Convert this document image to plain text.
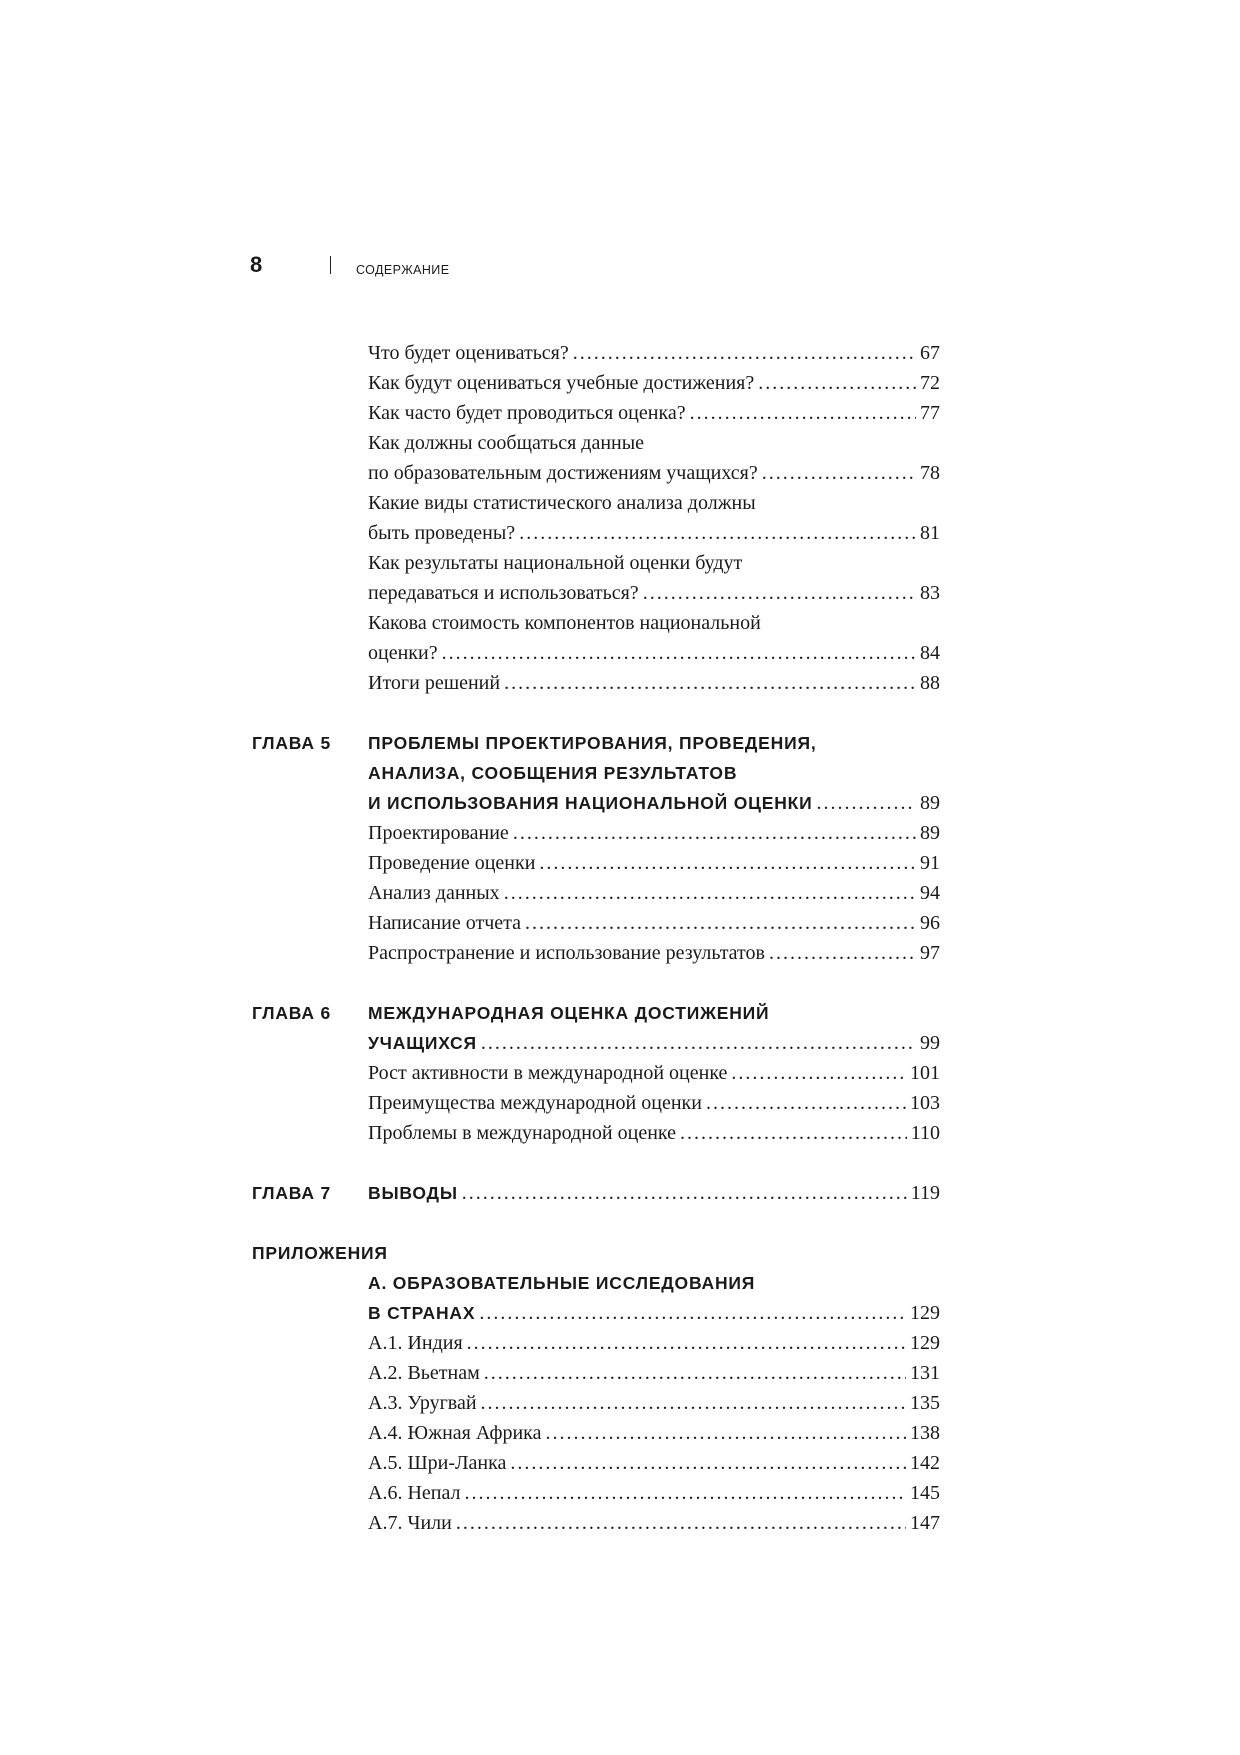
8	СОДЕРЖАНИЕ
Что будет оцениваться? .....	67
Как будут оцениваться учебные достижения? .....	72
Как часто будет проводиться оценка? .....	77
Как должны сообщаться данные
по образовательным достижениям учащихся? .....	78
Какие виды статистического анализа должны
быть проведены? .....	81
Как результаты национальной оценки будут
передаваться и использоваться? .....	83
Какова стоимость компонентов национальной
оценки? .....	84
Итоги решений .....	88
ГЛАВА 5 ПРОБЛЕМЫ ПРОЕКТИРОВАНИЯ, ПРОВЕДЕНИЯ,
АНАЛИЗА, СООБЩЕНИЯ РЕЗУЛЬТАТОВ
И ИСПОЛЬЗОВАНИЯ НАЦИОНАЛЬНОЙ ОЦЕНКИ .....	89
Проектирование .....	89
Проведение оценки .....	91
Анализ данных .....	94
Написание отчета .....	96
Распространение и использование результатов .....	97
ГЛАВА 6 МЕЖДУНАРОДНАЯ ОЦЕНКА ДОСТИЖЕНИЙ
УЧАЩИХСЯ .....	99
Рост активности в международной оценке .....	101
Преимущества международной оценки .....	103
Проблемы в международной оценке .....	110
ГЛАВА 7 ВЫВОДЫ .....	119
ПРИЛОЖЕНИЯ
А. ОБРАЗОВАТЕЛЬНЫЕ ИССЛЕДОВАНИЯ
В СТРАНАХ .....	129
А.1. Индия .....	129
А.2. Вьетнам .....	131
А.3. Уругвай .....	135
А.4. Южная Африка .....	138
А.5. Шри-Ланка .....	142
А.6. Непал .....	145
А.7. Чили .....	147
